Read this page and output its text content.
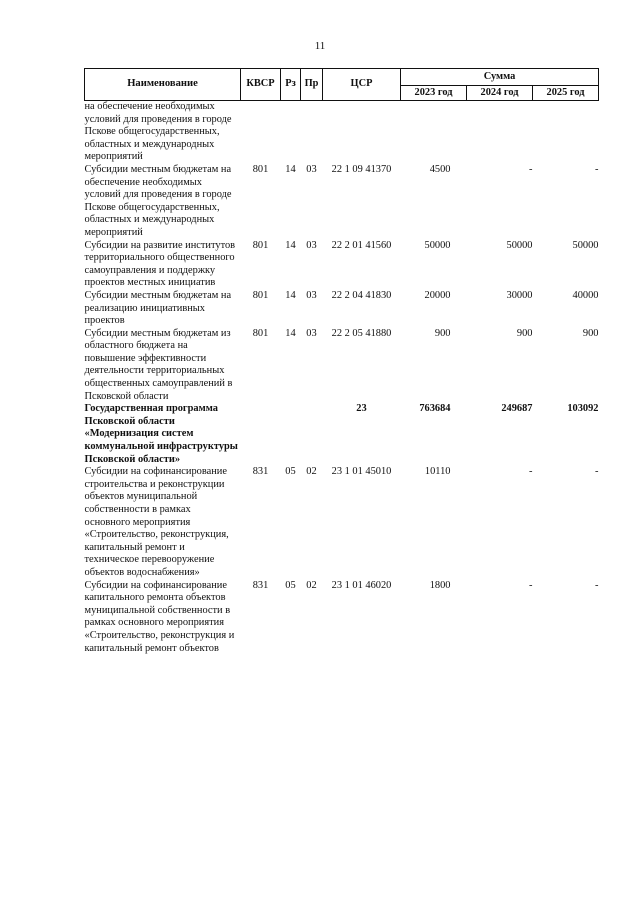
11
Наименование	КВСР	Рз	Пр	ЦСР	Сумма		
					2023 год	2024 год	2025 год
на обеспечение необходимых условий для проведения в городе Пскове общегосударственных, областных и международных мероприятий							
Субсидии местным бюджетам на обеспечение необходимых условий для проведения в городе Пскове общегосударственных, областных и международных мероприятий	801	14	03	22 1 09 41370	4500	-	-
Субсидии на развитие институтов территориального общественного самоуправления и поддержку проектов местных инициатив	801	14	03	22 2 01 41560	50000	50000	50000
Субсидии местным бюджетам на реализацию инициативных проектов	801	14	03	22 2 04 41830	20000	30000	40000
Субсидии местным бюджетам из областного бюджета на повышение эффективности деятельности территориальных общественных самоуправлений в Псковской области	801	14	03	22 2 05 41880	900	900	900
Государственная программа Псковской области «Модернизация систем коммунальной инфраструктуры Псковской области»				23	763684	249687	103092
Субсидии на софинансирование строительства и реконструкции объектов муниципальной собственности в рамках основного мероприятия «Строительство, реконструкция, капитальный ремонт и техническое перевооружение объектов водоснабжения»	831	05	02	23 1 01 45010	10110	-	-
Субсидии на софинансирование капитального ремонта объектов муниципальной собственности в рамках основного мероприятия «Строительство, реконструкция и капитальный ремонт объектов	831	05	02	23 1 01 46020	1800	-	-
